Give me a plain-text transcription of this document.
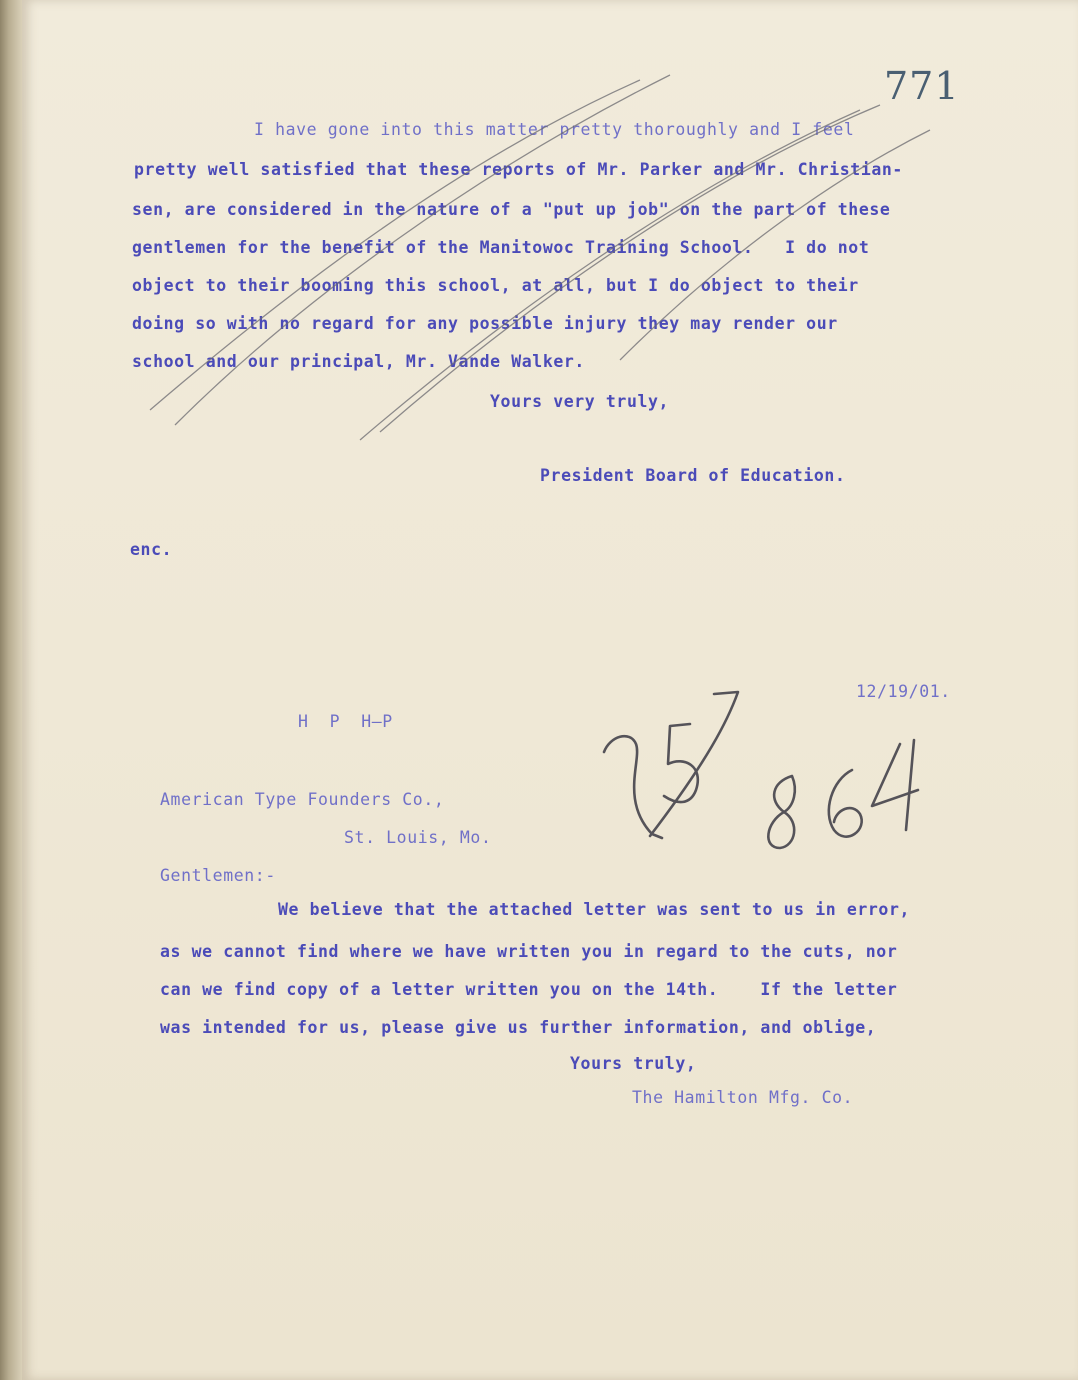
771
I have gone into this matter pretty thoroughly and I feel
pretty well satisfied that these reports of Mr. Parker and Mr. Christian-
sen, are considered in the nature of a "put up job" on the part of these
gentlemen for the benefit of the Manitowoc Training School.   I do not
object to their booming this school, at all, but I do object to their
doing so with no regard for any possible injury they may render our
school and our principal, Mr. Vande Walker.
Yours very truly,
President Board of Education.
enc.
12/19/01.
H  P  H—P
American Type Founders Co.,
St. Louis, Mo.
Gentlemen:-
We believe that the attached letter was sent to us in error,
as we cannot find where we have written you in regard to the cuts, nor
can we find copy of a letter written you on the 14th.    If the letter
was intended for us, please give us further information, and oblige,
Yours truly,
The Hamilton Mfg. Co.
